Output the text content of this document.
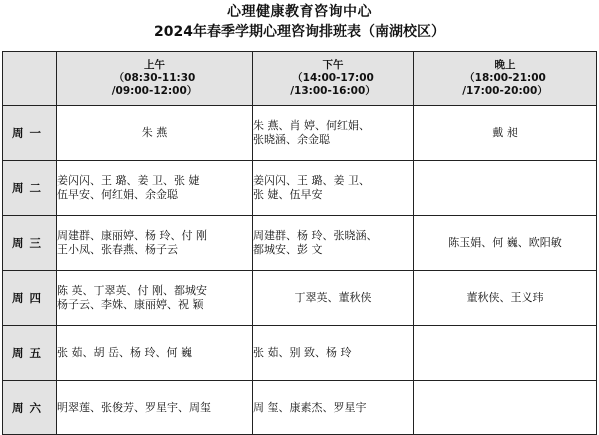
心理健康教育咨询中心
2024年春季学期心理咨询排班表（南湖校区）

	上午
（08:30-11:30
/09:00-12:00）	下午
（14:00-17:00
/13:00-16:00）	晚上
（18:00-21:00
/17:00-20:00）

周一	朱 燕	朱 燕、肖 婷、何红娟、
张晓涵、余金聪	戴 昶

周二	姜闪闪、王 璐、姜 卫、张 婕
伍早安、何红娟、余金聪	姜闪闪、王 璐、姜 卫、
张 婕、伍早安	

周三	周建群、康丽婷、杨 玲、付 刚
王小凤、张春燕、杨子云	周建群、杨 玲、张晓涵、
都城安、彭 文	陈玉娟、何 巍、欧阳敏

周四	陈 英、丁翠英、付 刚、都城安
杨子云、李姝、康丽婷、祝 颖	丁翠英、董秋侠	董秋侠、王义玮

周五	张 茹、胡 岳、杨 玲、何 巍	张 茹、别 致、杨 玲	

周六	明翠莲、张俊芳、罗星宇、周玺	周 玺、康素杰、罗星宇	
